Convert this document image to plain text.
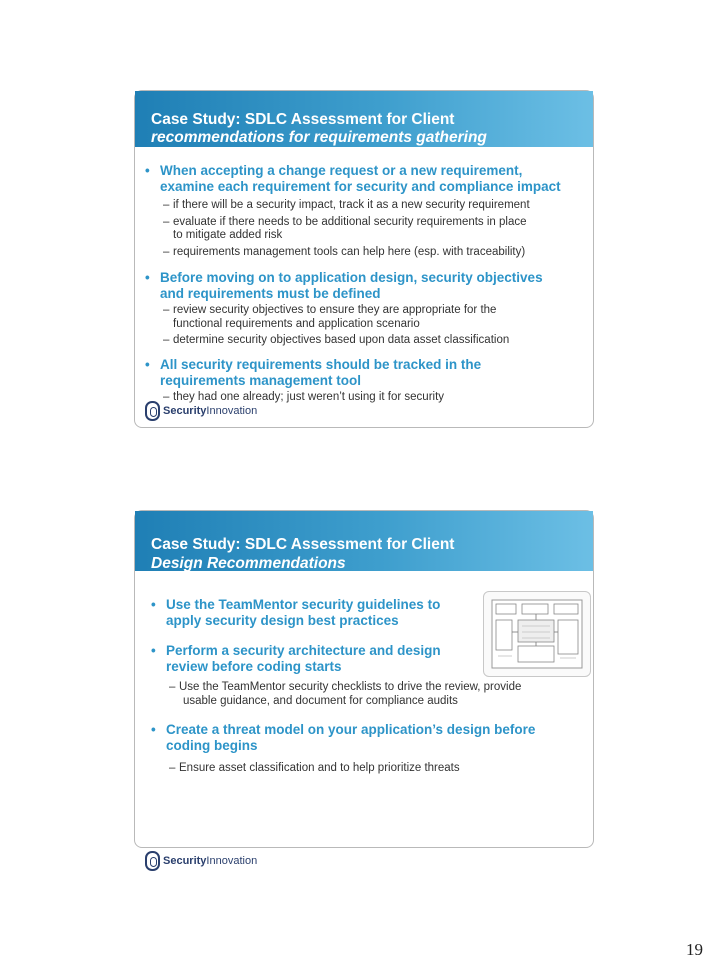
Case Study: SDLC Assessment for Client
recommendations for requirements gathering
• When accepting a change request or a new requirement,
examine each requirement for security and compliance impact
– if there will be a security impact, track it as a new security requirement
– evaluate if there needs to be additional security requirements in place
to mitigate added risk
– requirements management tools can help here (esp. with traceability)
• Before moving on to application design, security objectives
and requirements must be defined
– review security objectives to ensure they are appropriate for the
functional requirements and application scenario
– determine security objectives based upon data asset classification
• All security requirements should be tracked in the
requirements management tool
– they had one already; just weren’t using it for security
Security Innovation
Case Study: SDLC Assessment for Client
Design Recommendations
• Use the TeamMentor security guidelines to
apply security design best practices
• Perform a security architecture and design
review before coding starts
– Use the TeamMentor security checklists to drive the review, provide
usable guidance, and document for compliance audits
• Create a threat model on your application’s design before
coding begins
– Ensure asset classification and to help prioritize threats
Security Innovation
19
